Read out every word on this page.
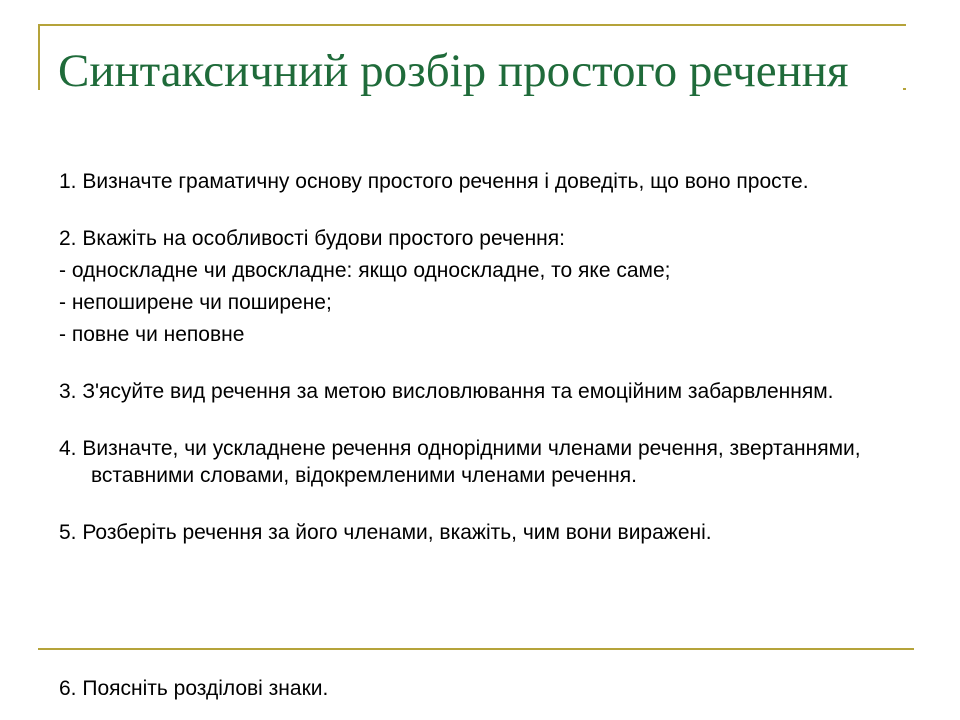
Синтаксичний розбір простого речення

1. Визначте граматичну основу простого речення і доведіть, що воно просте.

2. Вкажіть на особливості будови простого речення:

- односкладне чи двоскладне: якщо односкладне, то яке саме;

- непоширене чи поширене;

- повне чи неповне

3. З'ясуйте вид речення за метою висловлювання та емоційним забарвленням.

4. Визначте, чи ускладнене речення однорідними членами речення, звертаннями, вставними словами, відокремленими членами речення.

5. Розберіть речення за його членами, вкажіть, чим вони виражені.

6. Поясніть розділові знаки.
